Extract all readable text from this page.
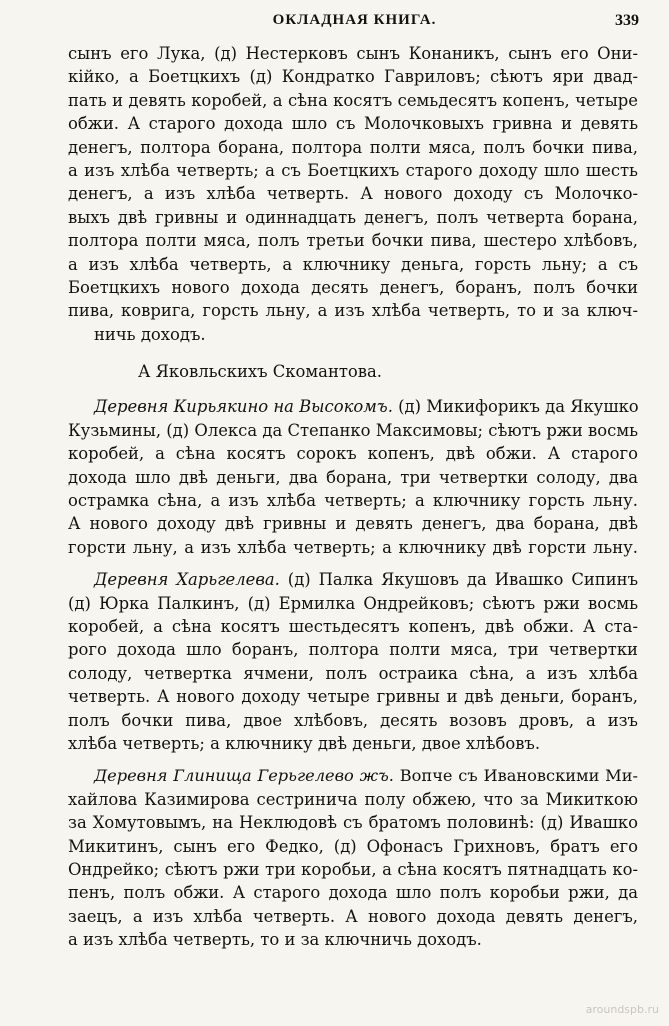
ОКЛАДНАЯ КНИГА.	339
сынъ его Лука, (д) Нестерковъ сынъ Конаникъ, сынъ его Они-
кiйко, а Боетцкихъ (д) Кондратко Гавриловъ; сѣютъ яри двад-
пать и девять коробей, а сѣна косятъ семьдесятъ копенъ, четыре
обжи. А старого дохода шло съ Молочковыхъ гривна и девять
денегъ, полтора борана, полтора полти мяса, полъ бочки пива,
а изъ хлѣба четверть; а съ Боетцкихъ старого доходу шло шесть
денегъ, а изъ хлѣба четверть. А нового доходу съ Молочко-
выхъ двѣ гривны и одиннадцать денегъ, полъ четверта борана,
полтора полти мяса, полъ третьи бочки пива, шестеро хлѣбовъ,
а изъ хлѣба четверть, а ключнику деньга, горсть льну; а съ
Боетцкихъ нового дохода десять денегъ, боранъ, полъ бочки
пива, коврига, горсть льну, а изъ хлѣба четверть, то и за ключ-
ничь доходъ.
А Яковльскихъ Скомантова.
Деревня Кирьякино на Высокомъ. (д) Микифорикъ да Якушко
Кузьмины, (д) Олекса да Степанко Максимовы; сѣютъ ржи восмь
коробей, а сѣна косятъ сорокъ копенъ, двѣ обжи. А старого
дохода шло двѣ деньги, два борана, три четвертки солоду, два
острамка сѣна, а изъ хлѣба четверть; а ключнику горсть льну.
А нового доходу двѣ гривны и девять денегъ, два борана, двѣ
горсти льну, а изъ хлѣба четверть; а ключнику двѣ горсти льну.
Деревня Харьгелева. (д) Палка Якушовъ да Ивашко Сипинъ
(д) Юрка Палкинъ, (д) Ермилка Ондрейковъ; сѣютъ ржи восмь
коробей, а сѣна косятъ шестьдесятъ копенъ, двѣ обжи. А ста-
рого дохода шло боранъ, полтора полти мяса, три четвертки
солоду, четвертка ячмени, полъ остраика сѣна, а изъ хлѣба
четверть. А нового доходу четыре гривны и двѣ деньги, боранъ,
полъ бочки пива, двое хлѣбовъ, десять возовъ дровъ, а изъ
хлѣба четверть; а ключнику двѣ деньги, двое хлѣбовъ.
Деревня Глинища Герьгелево жъ. Вопче съ Ивановскими Ми-
хайлова Казимирова сестринича полу обжею, что за Микиткою
за Хомутовымъ, на Неклюдовѣ съ братомъ половинѣ: (д) Ивашко
Микитинъ, сынъ его Федко, (д) Офонасъ Грихновъ, братъ его
Ондрейко; сѣютъ ржи три коробьи, а сѣна косятъ пятнадцать ко-
пенъ, полъ обжи. А старого дохода шло полъ коробьи ржи, да
заецъ, а изъ хлѣба четверть. А нового дохода девять денегъ,
а изъ хлѣба четверть, то и за ключничь доходъ.
aroundspb.ru
